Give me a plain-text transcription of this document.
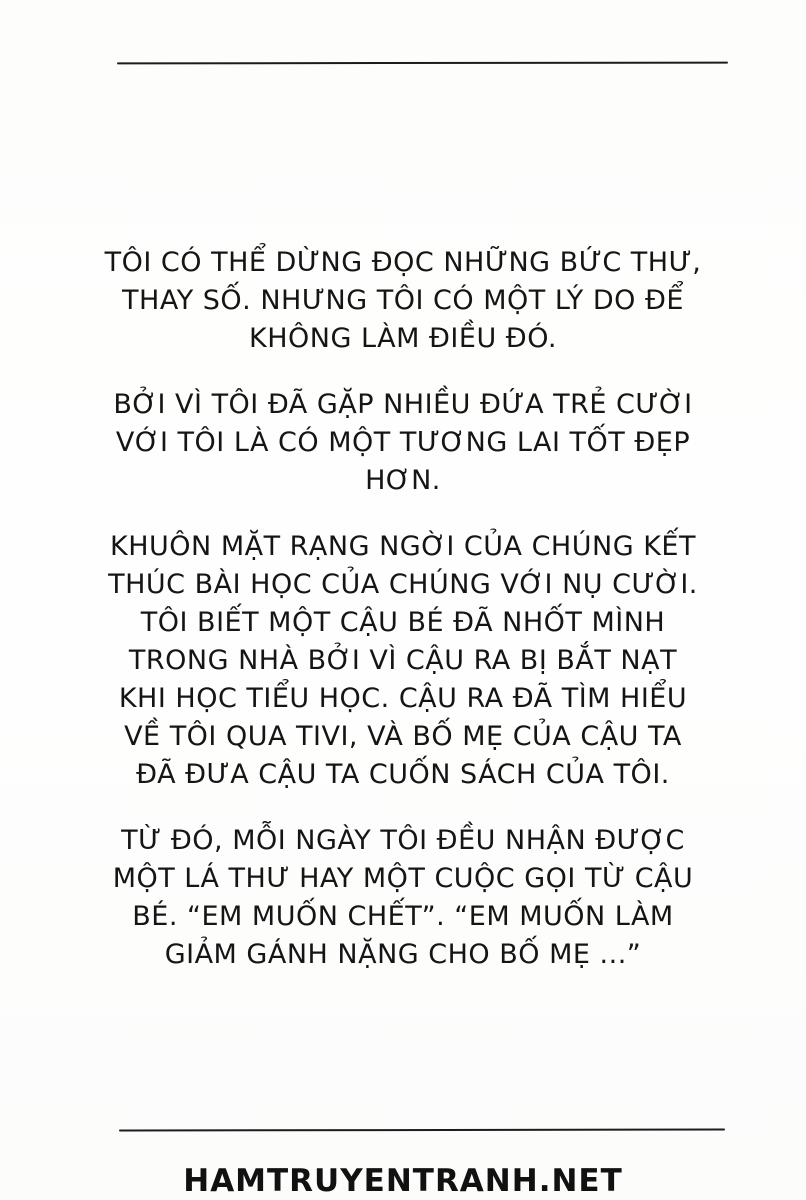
TÔI CÓ THỂ DỪNG ĐỌC NHỮNG BỨC THƯ,
THAY SỐ. NHƯNG TÔI CÓ MỘT LÝ DO ĐỂ
KHÔNG LÀM ĐIỀU ĐÓ.
BỞI VÌ TÔI ĐÃ GẶP NHIỀU ĐỨA TRẺ CƯỜI
VỚI TÔI LÀ CÓ MỘT TƯƠNG LAI TỐT ĐẸP
HƠN.
KHUÔN MẶT RẠNG NGỜI CỦA CHÚNG KẾT
THÚC BÀI HỌC CỦA CHÚNG VỚI NỤ CƯỜI.
TÔI BIẾT MỘT CẬU BÉ ĐÃ NHỐT MÌNH
TRONG NHÀ BỞI VÌ CẬU RA BỊ BẮT NẠT
KHI HỌC TIỂU HỌC. CẬU RA ĐÃ TÌM HIỂU
VỀ TÔI QUA TIVI, VÀ BỐ MẸ CỦA CẬU TA
ĐÃ ĐƯA CẬU TA CUỐN SÁCH CỦA TÔI.
TỪ ĐÓ, MỖI NGÀY TÔI ĐỀU NHẬN ĐƯỢC
MỘT LÁ THƯ HAY MỘT CUỘC GỌI TỪ CẬU
BÉ. “EM MUỐN CHẾT”. “EM MUỐN LÀM
GIẢM GÁNH NẶNG CHO BỐ MẸ ...”
HAMTRUYENTRANH.NET
